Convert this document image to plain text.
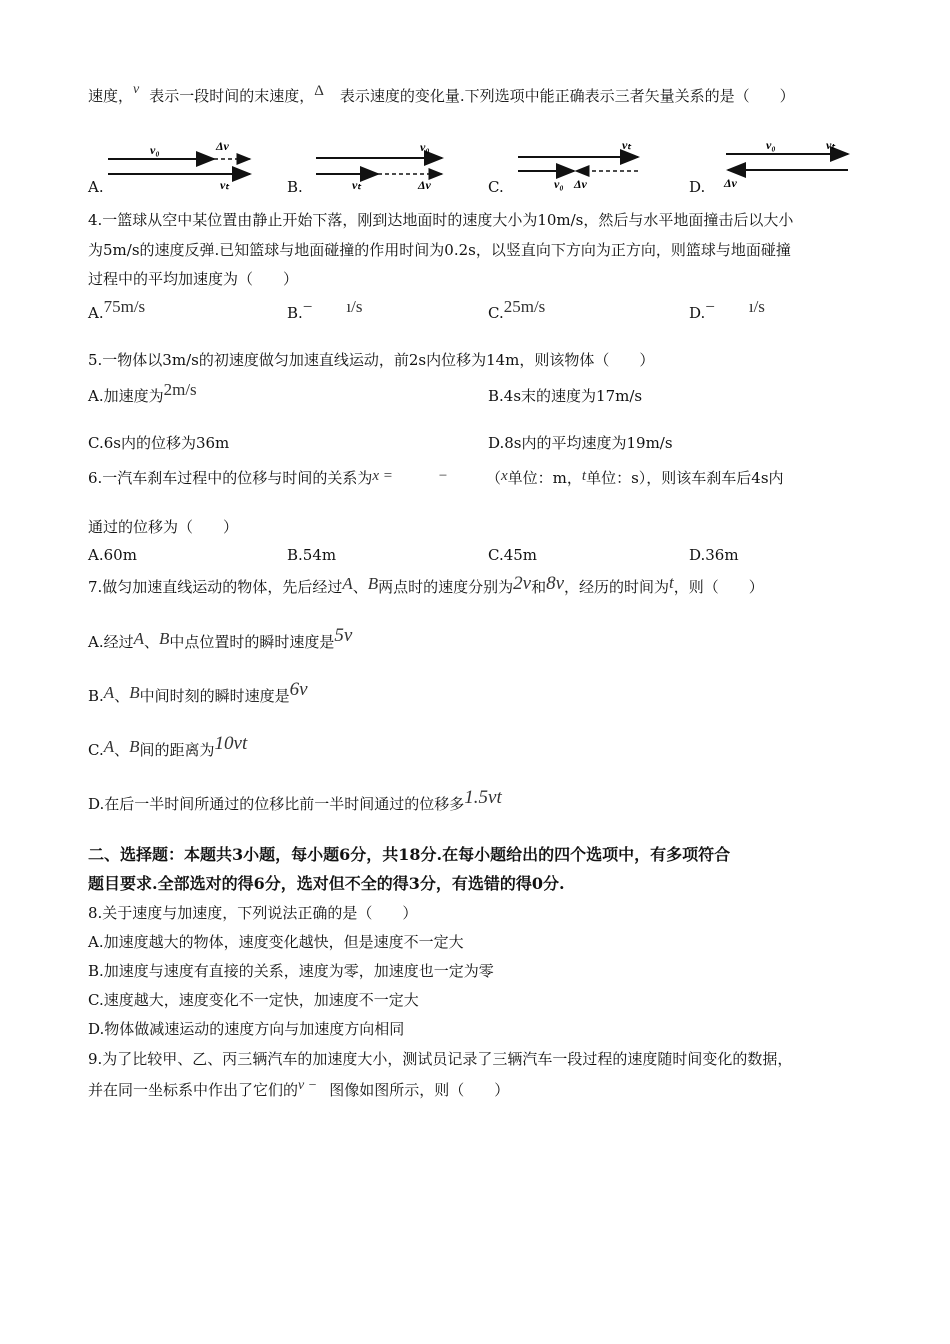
速度，v 表示一段时间的末速度，Δ 表示速度的变化量.下列选项中能正确表示三者矢量关系的是（　　）
A.
v₀	Δv
vₜ	B.
v₀
vₜ	Δv	C.
vₜ
v₀ Δv	D.
v₀	vₜ
Δv
4.一篮球从空中某位置由静止开始下落，刚到达地面时的速度大小为10m/s，然后与水平地面撞击后以大小
为5m/s的速度反弹.已知篮球与地面碰撞的作用时间为0.2s，以竖直向下方向为正方向，则篮球与地面碰撞
过程中的平均加速度为（　　）
A.75m/s	B.−　　ı/s	C.25m/s	D.−　　ı/s
5.一物体以3m/s的初速度做匀加速直线运动，前2s内位移为14m，则该物体（　　）
A.加速度为2m/s	B.4s末的速度为17m/s
C.6s内的位移为36m	D.8s内的平均速度为19m/s
6.一汽车刹车过程中的位移与时间的关系为x =　　　−	（x单位：m，t单位：s），则该车刹车后4s内
通过的位移为（　　）
A.60m	B.54m	C.45m	D.36m
7.做匀加速直线运动的物体，先后经过A、B两点时的速度分别为2v和8v，经历的时间为t，则（　　）
A.经过A、B中点位置时的瞬时速度是5v
B.A、B中间时刻的瞬时速度是6v
C.A、B间的距离为10vt
D.在后一半时间所通过的位移比前一半时间通过的位移多1.5vt
二、选择题：本题共3小题，每小题6分，共18分.在每小题给出的四个选项中，有多项符合
题目要求.全部选对的得6分，选对但不全的得3分，有选错的得0分.
8.关于速度与加速度，下列说法正确的是（　　）
A.加速度越大的物体，速度变化越快，但是速度不一定大
B.加速度与速度有直接的关系，速度为零，加速度也一定为零
C.速度越大，速度变化不一定快，加速度不一定大
D.物体做减速运动的速度方向与加速度方向相同
9.为了比较甲、乙、丙三辆汽车的加速度大小，测试员记录了三辆汽车一段过程的速度随时间变化的数据，
并在同一坐标系中作出了它们的v − 图像如图所示，则（　　）
